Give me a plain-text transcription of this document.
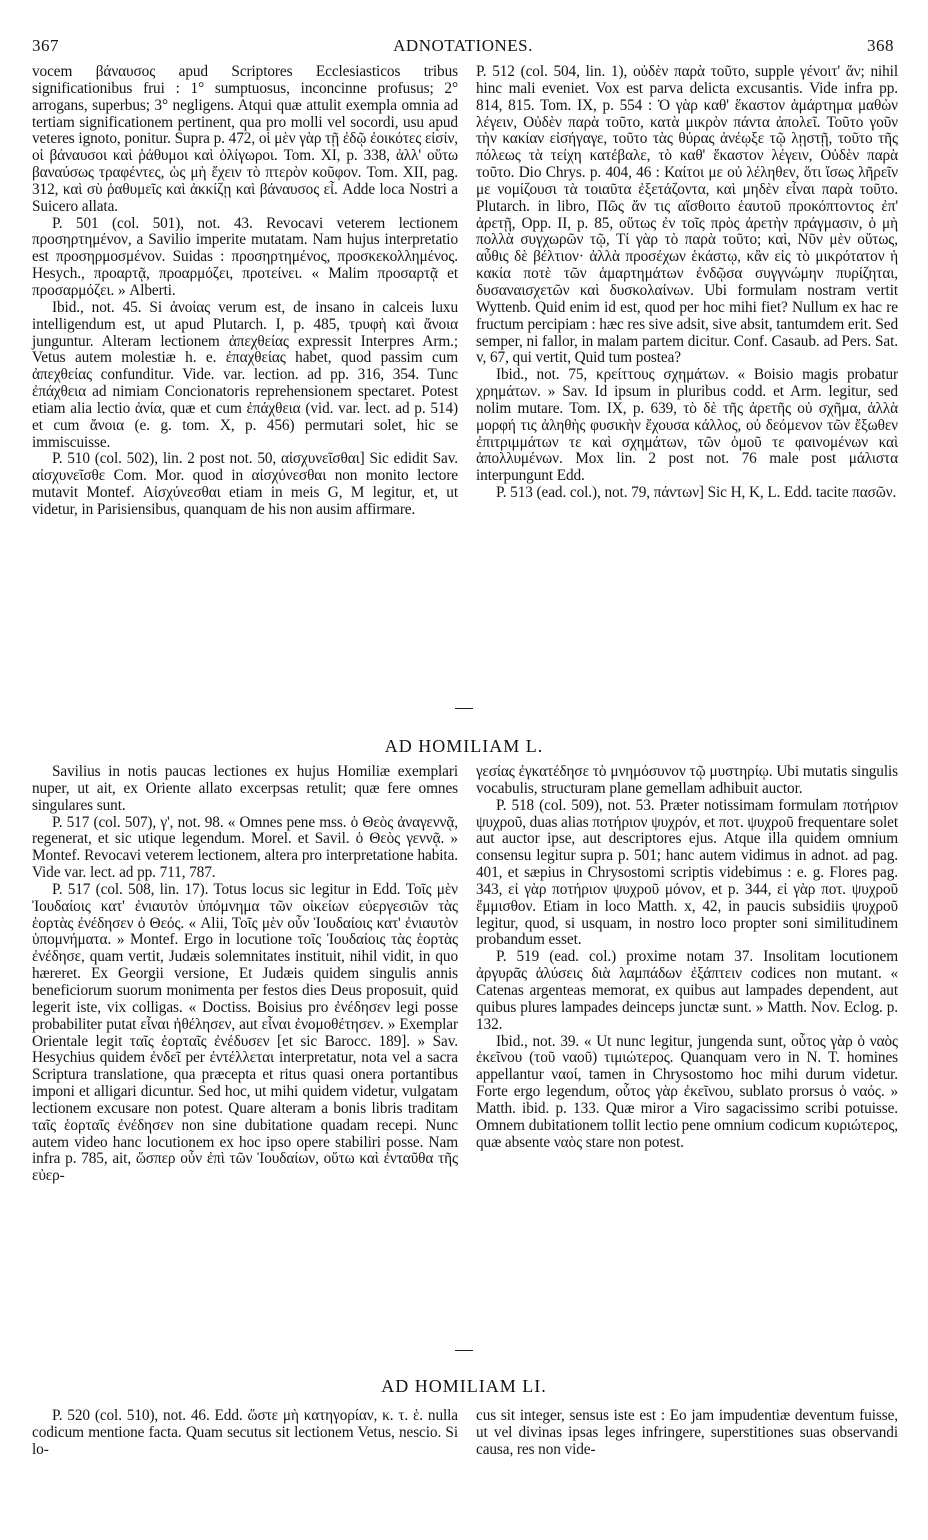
367	ADNOTATIONES.	368

vocem βάναυσος apud Scriptores Ecclesiasticos tribus significationibus frui : 1° sumptuosus, inconcinne profusus; 2° arrogans, superbus; 3° negligens. Atqui quæ attulit exempla omnia ad tertiam significationem pertinent, qua pro molli vel socordi, usu apud veteres ignoto, ponitur. Supra p. 472, οἱ μὲν γὰρ τῇ ἐδῷ ἐοικότες εἰσίν, οἱ βάναυσοι καὶ ῥάθυμοι καὶ ὀλίγωροι. Tom. XI, p. 338, ἀλλ' οὕτω βαναύσως τραφέντες, ὡς μὴ ἔχειν τὸ πτερὸν κοῦφον. Tom. XII, pag. 312, καὶ σὺ ῥαθυμεῖς καὶ ἀκκίζῃ καὶ βάναυσος εἶ. Adde loca Nostri a Suicero allata.

P. 501 (col. 501), not. 43. Revocavi veterem lectionem προσηρτημένον, a Savilio imperite mutatam. Nam hujus interpretatio est προσηρμοσμένον. Suidas : προσηρτημένος, προσκεκολλημένος. Hesych., προαρτᾷ, προαρμόζει, προτείνει. « Malim προσαρτᾷ et προσαρμόζει. » Alberti.

Ibid., not. 45. Si ἀνοίας verum est, de insano in calceis luxu intelligendum est, ut apud Plutarch. I, p. 485, τρυφὴ καὶ ἄνοια junguntur. Alteram lectionem ἀπεχθείας expressit Interpres Arm.; Vetus autem molestiæ h. e. ἐπαχθείας habet, quod passim cum ἀπεχθείας confunditur. Vide. var. lection. ad pp. 316, 354. Tunc ἐπάχθεια ad nimiam Concionatoris reprehensionem spectaret. Potest etiam alia lectio ἀνία, quæ et cum ἐπάχθεια (vid. var. lect. ad p. 514) et cum ἄνοια (e. g. tom. X, p. 456) permutari solet, hic se immiscuisse.

P. 510 (col. 502), lin. 2 post not. 50, αἰσχυνεῖσθαι] Sic edidit Sav. αἰσχυνεῖσθε Com. Mor. quod in αἰσχύνεσθαι non monito lectore mutavit Montef. Αἰσχύνεσθαι etiam in meis G, M legitur, et, ut videtur, in Parisiensibus, quanquam de his non ausim affirmare.

P. 512 (col. 504, lin. 1), οὐδὲν παρὰ τοῦτο, supple γένοιτ' ἄν; nihil hinc mali eveniet. Vox est parva delicta excusantis. Vide infra pp. 814, 815. Tom. IX, p. 554 : Ὁ γὰρ καθ' ἕκαστον ἁμάρτημα μαθὼν λέγειν, Οὐδὲν παρὰ τοῦτο, κατὰ μικρὸν πάντα ἀπολεῖ. Τοῦτο γοῦν τὴν κακίαν εἰσήγαγε, τοῦτο τὰς θύρας ἀνέῳξε τῷ λῃστῇ, τοῦτο τῆς πόλεως τὰ τείχη κατέβαλε, τὸ καθ' ἕκαστον λέγειν, Οὐδὲν παρὰ τοῦτο. Dio Chrys. p. 404, 46 : Καίτοι με οὐ λέληθεν, ὅτι ἴσως λῆρεῖν με νομίζουσι τὰ τοιαῦτα ἐξετάζοντα, καὶ μηδὲν εἶναι παρὰ τοῦτο. Plutarch. in libro, Πῶς ἄν τις αἴσθοιτο ἑαυτοῦ προκόπτοντος ἐπ' ἀρετῇ, Opp. II, p. 85, οὕτως ἐν τοῖς πρὸς ἀρετὴν πράγμασιν, ὁ μὴ πολλὰ συγχωρῶν τῷ, Τί γὰρ τὸ παρὰ τοῦτο; καὶ, Νῦν μὲν οὕτως, αὖθις δὲ βέλτιον· ἀλλὰ προσέχων ἑκάστῳ, κἂν εἰς τὸ μικρότατον ἡ κακία ποτὲ τῶν ἁμαρτημάτων ἐνδῷσα συγγνώμην πυρίζηται, δυσαναισχετῶν καὶ δυσκολαίνων. Ubi formulam nostram vertit Wyttenb. Quid enim id est, quod per hoc mihi fiet? Nullum ex hac re fructum percipiam : hæc res sive adsit, sive absit, tantumdem erit. Sed semper, ni fallor, in malam partem dicitur. Conf. Casaub. ad Pers. Sat. v, 67, qui vertit, Quid tum postea?

Ibid., not. 75, κρείττους σχημάτων. « Boisio magis probatur χρημάτων. » Sav. Id ipsum in pluribus codd. et Arm. legitur, sed nolim mutare. Tom. IX, p. 639, τὸ δὲ τῆς ἀρετῆς οὐ σχῆμα, ἀλλὰ μορφή τις ἀληθὴς φυσικὴν ἔχουσα κάλλος, οὐ δεόμενον τῶν ἔξωθεν ἐπιτριμμάτων τε καὶ σχημάτων, τῶν ὁμοῦ τε φαινομένων καὶ ἀπολλυμένων. Mox lin. 2 post not. 76 male post μάλιστα interpungunt Edd.

P. 513 (ead. col.), not. 79, πάντων] Sic H, K, L. Edd. tacite πασῶν.

AD HOMILIAM L.

Savilius in notis paucas lectiones ex hujus Homiliæ exemplari nuper, ut ait, ex Oriente allato excerpsas retulit; quæ fere omnes singulares sunt.

P. 517 (col. 507), γ', not. 98. « Omnes pene mss. ὁ Θεὸς ἀναγεννᾷ, regenerat, et sic utique legendum. Morel. et Savil. ὁ Θεὸς γεννᾷ. » Montef. Revocavi veterem lectionem, altera pro interpretatione habita. Vide var. lect. ad pp. 711, 787.

P. 517 (col. 508, lin. 17). Totus locus sic legitur in Edd. Τοῖς μὲν Ἰουδαίοις κατ' ἐνιαυτὸν ὑπόμνημα τῶν οἰκείων εὐεργεσιῶν τὰς ἑορτὰς ἐνέδησεν ὁ Θεός. « Alii, Τοῖς μὲν οὖν Ἰουδαίοις κατ' ἐνιαυτὸν ὑπομνήματα. » Montef. Ergo in locutione τοῖς Ἰουδαίοις τὰς ἑορτὰς ἐνέδησε, quam vertit, Judæis solemnitates instituit, nihil vidit, in quo hæreret. Ex Georgii versione, Et Judæis quidem singulis annis beneficiorum suorum monimenta per festos dies Deus proposuit, quid legerit iste, vix colligas. « Doctiss. Boisius pro ἐνέδησεν legi posse probabiliter putat εἶναι ἠθέλησεν, aut εἶναι ἐνομοθέτησεν. » Exemplar Orientale legit ταῖς ἑορταῖς ἐνέδυσεν [et sic Barocc. 189]. » Sav. Hesychius quidem ἐνδεῖ per ἐντέλλεται interpretatur, nota vel a sacra Scriptura translatione, qua præcepta et ritus quasi onera portantibus imponi et alligari dicuntur. Sed hoc, ut mihi quidem videtur, vulgatam lectionem excusare non potest. Quare alteram a bonis libris traditam ταῖς ἑορταῖς ἐνέδησεν non sine dubitatione quadam recepi. Nunc autem video hanc locutionem ex hoc ipso opere stabiliri posse. Nam infra p. 785, ait, ὥσπερ οὖν ἐπὶ τῶν Ἰουδαίων, οὕτω καὶ ἐνταῦθα τῆς εὐερ-

γεσίας ἐγκατέδησε τὸ μνημόσυνον τῷ μυστηρίῳ. Ubi mutatis singulis vocabulis, structuram plane gemellam adhibuit auctor.

P. 518 (col. 509), not. 53. Præter notissimam formulam ποτήριον ψυχροῦ, duas alias ποτήριον ψυχρόν, et ποτ. ψυχροῦ frequentare solet aut auctor ipse, aut descriptores ejus. Atque illa quidem omnium consensu legitur supra p. 501; hanc autem vidimus in adnot. ad pag. 401, et sæpius in Chrysostomi scriptis videbimus : e. g. Flores pag. 343, εἰ γὰρ ποτήριον ψυχροῦ μόνον, et p. 344, εἰ γὰρ ποτ. ψυχροῦ ἔμμισθον. Etiam in loco Matth. x, 42, in paucis subsidiis ψυχροῦ legitur, quod, si usquam, in nostro loco propter soni similitudinem probandum esset.

P. 519 (ead. col.) proxime notam 37. Insolitam locutionem ἀργυρᾶς ἁλύσεις διὰ λαμπάδων ἐξάπτειν codices non mutant. « Catenas argenteas memorat, ex quibus aut lampades dependent, aut quibus plures lampades deinceps junctæ sunt. » Matth. Nov. Eclog. p. 132.

Ibid., not. 39. « Ut nunc legitur, jungenda sunt, οὗτος γὰρ ὁ ναὸς ἐκεῖνου (τοῦ ναοῦ) τιμιώτερος. Quanquam vero in N. T. homines appellantur ναοί, tamen in Chrysostomo hoc mihi durum videtur. Forte ergo legendum, οὗτος γὰρ ἐκεῖνου, sublato prorsus ὁ ναός. » Matth. ibid. p. 133. Quæ miror a Viro sagacissimo scribi potuisse. Omnem dubitationem tollit lectio pene omnium codicum κυριώτερος, quæ absente ναὸς stare non potest.

AD HOMILIAM LI.

P. 520 (col. 510), not. 46. Edd. ὥστε μὴ κατηγορίαν, κ. τ. ἑ. nulla codicum mentione facta. Quam secutus sit lectionem Vetus, nescio. Si lo-

cus sit integer, sensus iste est : Eo jam impudentiæ deventum fuisse, ut vel divinas ipsas leges infringere, superstitiones suas observandi causa, res non vide-
